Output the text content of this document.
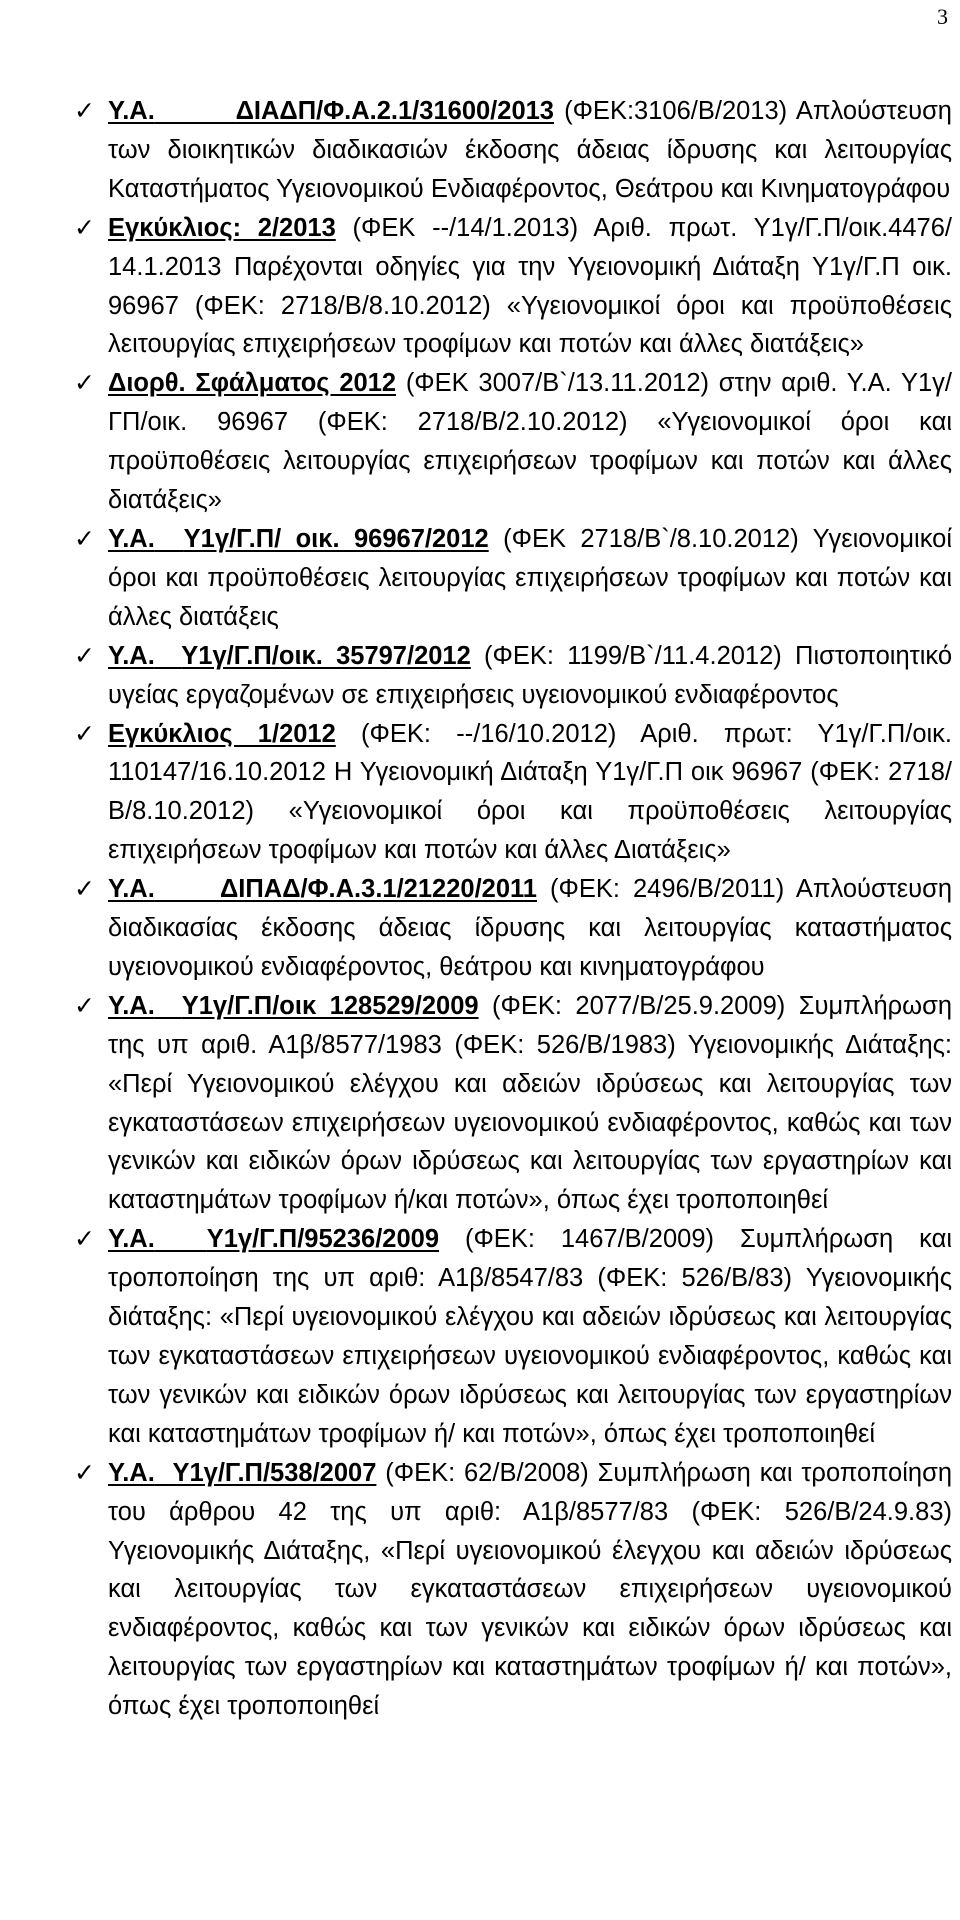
3
✓ Υ.Α.	ΔΙΑΔΠ/Φ.Α.2.1/31600/2013 (ΦΕΚ:3106/Β/2013) Απλούστευση των διοικητικών διαδικασιών έκδοσης άδειας ίδρυσης και λειτουργίας Καταστήματος Υγειονομικού Ενδιαφέροντος, Θεάτρου και Κινηματογράφου
✓ Εγκύκλιος: 2/2013 (ΦΕΚ --/14/1.2013) Αριθ. πρωτ. Υ1γ/Γ.Π/οικ.4476/ 14.1.2013 Παρέχονται οδηγίες για την Υγειονομική Διάταξη Υ1γ/Γ.Π οικ. 96967 (ΦΕΚ: 2718/Β/8.10.2012) «Υγειονομικοί όροι και προϋποθέσεις λειτουργίας επιχειρήσεων τροφίμων και ποτών και άλλες διατάξεις»
✓ Διορθ. Σφάλματος 2012 (ΦΕΚ 3007/Β`/13.11.2012) στην αριθ. Υ.Α. Υ1γ/ΓΠ/οικ. 96967 (ΦΕΚ: 2718/Β/2.10.2012) «Υγειονομικοί όροι και προϋποθέσεις λειτουργίας επιχειρήσεων τροφίμων και ποτών και άλλες διατάξεις»
✓ Υ.Α. Υ1γ/Γ.Π/ οικ. 96967/2012 (ΦΕΚ 2718/Β`/8.10.2012) Υγειονομικοί όροι και προϋποθέσεις λειτουργίας επιχειρήσεων τροφίμων και ποτών και άλλες διατάξεις
✓ Υ.Α. Υ1γ/Γ.Π/οικ. 35797/2012 (ΦΕΚ: 1199/Β`/11.4.2012) Πιστοποιητικό υγείας εργαζομένων σε επιχειρήσεις υγειονομικού ενδιαφέροντος
✓ Εγκύκλιος 1/2012 (ΦΕΚ: --/16/10.2012) Αριθ. πρωτ: Υ1γ/Γ.Π/οικ. 110147/16.10.2012 Η Υγειονομική Διάταξη Υ1γ/Γ.Π οικ 96967 (ΦΕΚ: 2718/Β/8.10.2012) «Υγειονομικοί όροι και προϋποθέσεις λειτουργίας επιχειρήσεων τροφίμων και ποτών και άλλες Διατάξεις»
✓ Υ.Α.	ΔΙΠΑΔ/Φ.Α.3.1/21220/2011 (ΦΕΚ: 2496/Β/2011) Απλούστευση διαδικασίας έκδοσης άδειας ίδρυσης και λειτουργίας καταστήματος υγειονομικού ενδιαφέροντος, θεάτρου και κινηματογράφου
✓ Υ.Α. Υ1γ/Γ.Π/οικ 128529/2009 (ΦΕΚ: 2077/Β/25.9.2009) Συμπλήρωση της υπ αριθ. Α1β/8577/1983 (ΦΕΚ: 526/Β/1983) Υγειονομικής Διάταξης: «Περί Υγειονομικού ελέγχου και αδειών ιδρύσεως και λειτουργίας των εγκαταστάσεων επιχειρήσεων υγειονομικού ενδιαφέροντος, καθώς και των γενικών και ειδικών όρων ιδρύσεως και λειτουργίας των εργαστηρίων και καταστημάτων τροφίμων ή/και ποτών», όπως έχει τροποποιηθεί
✓ Υ.Α. Υ1γ/Γ.Π/95236/2009 (ΦΕΚ: 1467/Β/2009) Συμπλήρωση και τροποποίηση της υπ αριθ: Α1β/8547/83 (ΦΕΚ: 526/Β/83) Υγειονομικής διάταξης: «Περί υγειονομικού ελέγχου και αδειών ιδρύσεως και λειτουργίας των εγκαταστάσεων επιχειρήσεων υγειονομικού ενδιαφέροντος, καθώς και των γενικών και ειδικών όρων ιδρύσεως και λειτουργίας των εργαστηρίων και καταστημάτων τροφίμων ή/ και ποτών», όπως έχει τροποποιηθεί
✓ Υ.Α. Υ1γ/Γ.Π/538/2007 (ΦΕΚ: 62/Β/2008) Συμπλήρωση και τροποποίηση του άρθρου 42 της υπ αριθ: Α1β/8577/83 (ΦΕΚ: 526/Β/24.9.83) Υγειονομικής Διάταξης, «Περί υγειονομικού έλεγχου και αδειών ιδρύσεως και λειτουργίας των εγκαταστάσεων επιχειρήσεων υγειονομικού ενδιαφέροντος, καθώς και των γενικών και ειδικών όρων ιδρύσεως και λειτουργίας των εργαστηρίων και καταστημάτων τροφίμων ή/ και ποτών», όπως έχει τροποποιηθεί
